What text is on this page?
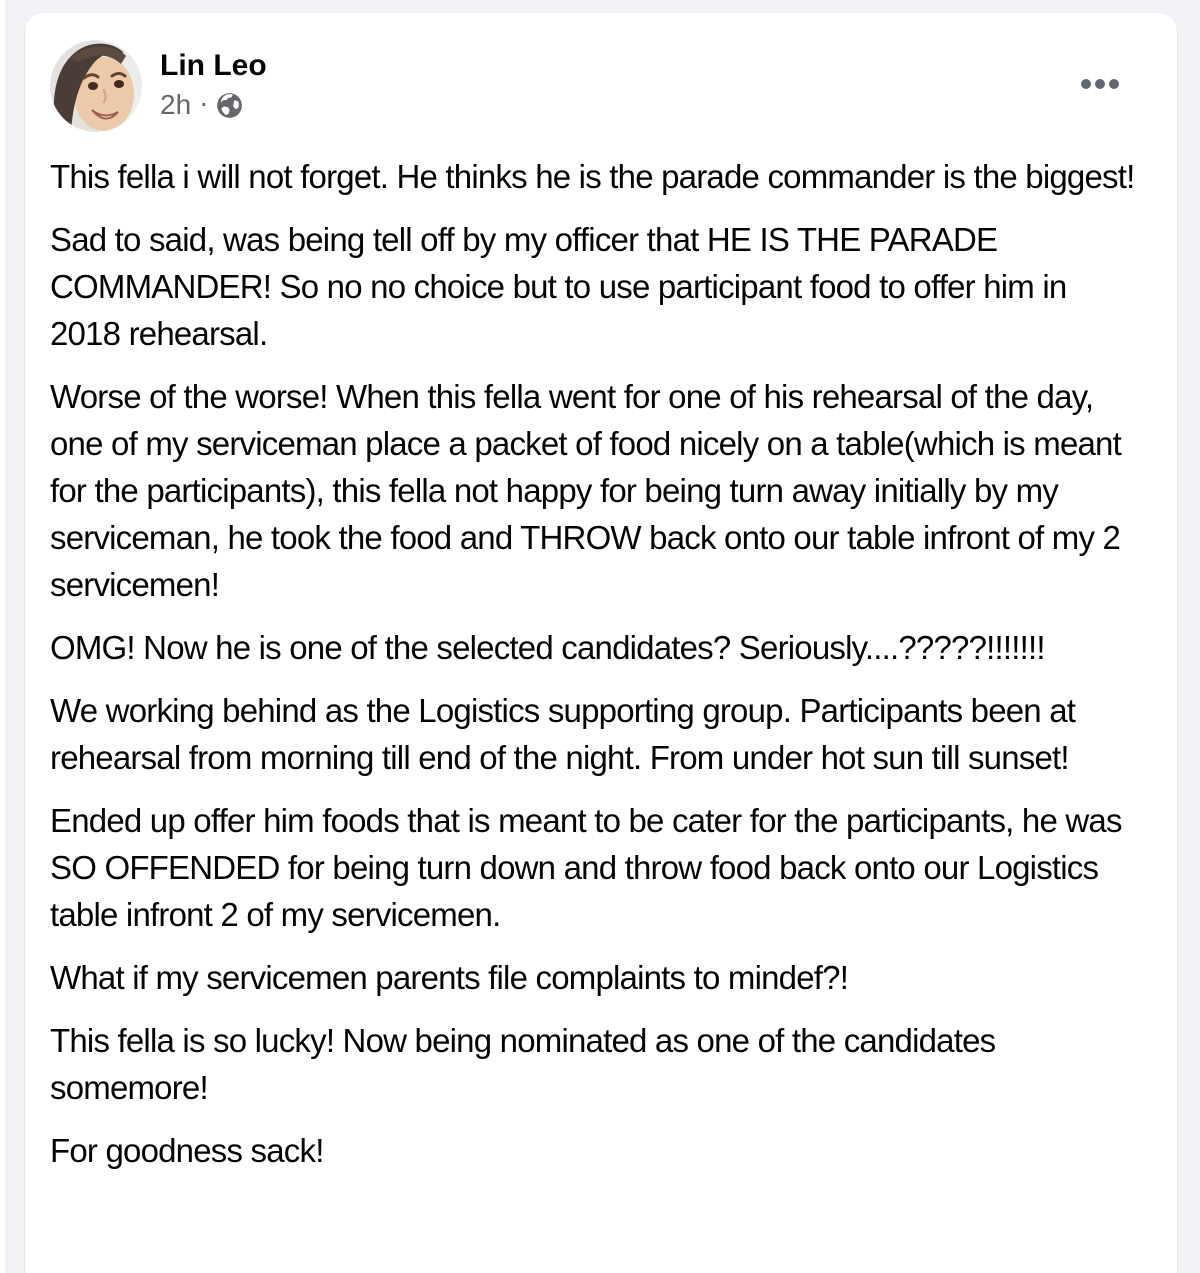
Lin Leo
2h ·

This fella i will not forget. He thinks he is the parade commander is the biggest!

Sad to said, was being tell off by my officer that HE IS THE PARADE COMMANDER! So no no choice but to use participant food to offer him in 2018 rehearsal.

Worse of the worse! When this fella went for one of his rehearsal of the day, one of my serviceman place a packet of food nicely on a table(which is meant for the participants), this fella not happy for being turn away initially by my serviceman, he took the food and THROW back onto our table infront of my 2 servicemen!

OMG! Now he is one of the selected candidates? Seriously....?????!!!!!!!

We working behind as the Logistics supporting group. Participants been at rehearsal from morning till end of the night. From under hot sun till sunset!

Ended up offer him foods that is meant to be cater for the participants, he was SO OFFENDED for being turn down and throw food back onto our Logistics table infront 2 of my servicemen.

What if my servicemen parents file complaints to mindef?!

This fella is so lucky! Now being nominated as one of the candidates somemore!

For goodness sack!
